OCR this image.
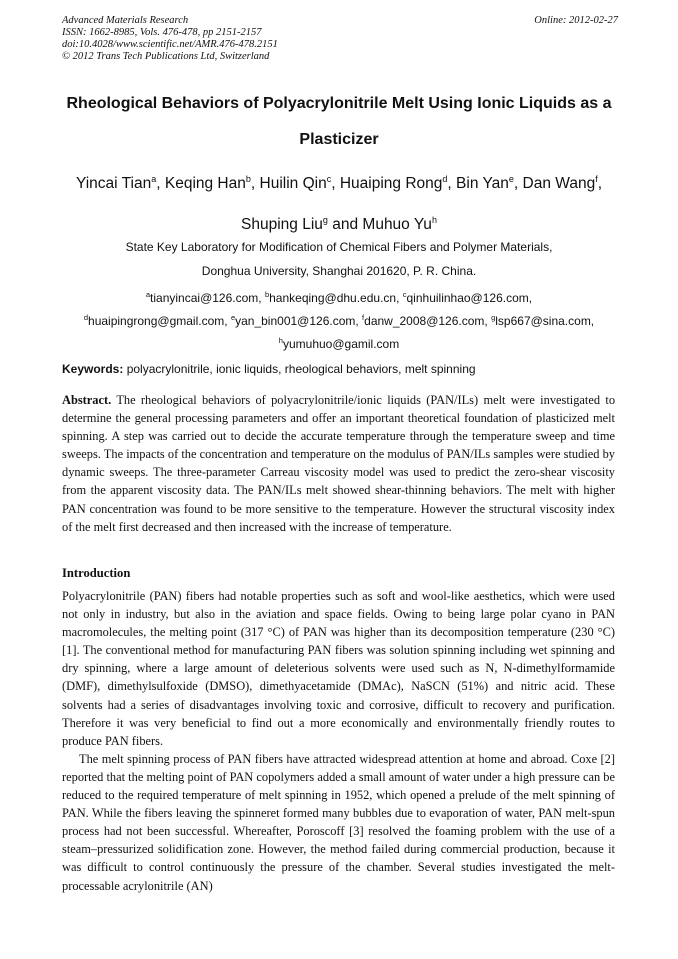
Advanced Materials Research
ISSN: 1662-8985, Vols. 476-478, pp 2151-2157
doi:10.4028/www.scientific.net/AMR.476-478.2151
© 2012 Trans Tech Publications Ltd, Switzerland
Online: 2012-02-27
Rheological Behaviors of Polyacrylonitrile Melt Using Ionic Liquids as a Plasticizer
Yincai Tian$^a$, Keqing Han$^b$, Huilin Qin$^c$, Huaiping Rong$^d$, Bin Yan$^e$, Dan Wang$^f$,
Shuping Liu$^g$ and Muhuo Yu$^h$
State Key Laboratory for Modification of Chemical Fibers and Polymer Materials,
Donghua University, Shanghai 201620, P. R. China.
$^a$tianyincai@126.com, $^b$hankeqing@dhu.edu.cn, $^c$qinhuilinhao@126.com,
$^d$huaipingrong@gmail.com, $^e$yan_bin001@126.com, $^f$danw_2008@126.com, $^g$lsp667@sina.com,
$^h$yumuhuo@gamil.com
Keywords: polyacrylonitrile, ionic liquids, rheological behaviors, melt spinning

Abstract. The rheological behaviors of polyacrylonitrile/ionic liquids (PAN/ILs) melt were investigated to determine the general processing parameters and offer an important theoretical foundation of plasticized melt spinning. A step was carried out to decide the accurate temperature through the temperature sweep and time sweeps. The impacts of the concentration and temperature on the modulus of PAN/ILs samples were studied by dynamic sweeps. The three-parameter Carreau viscosity model was used to predict the zero-shear viscosity from the apparent viscosity data. The PAN/ILs melt showed shear-thinning behaviors. The melt with higher PAN concentration was found to be more sensitive to the temperature. However the structural viscosity index of the melt first decreased and then increased with the increase of temperature.

Introduction

Polyacrylonitrile (PAN) fibers had notable properties such as soft and wool-like aesthetics, which were used not only in industry, but also in the aviation and space fields. Owing to being large polar cyano in PAN macromolecules, the melting point (317 °C) of PAN was higher than its decomposition temperature (230 °C) [1]. The conventional method for manufacturing PAN fibers was solution spinning including wet spinning and dry spinning, where a large amount of deleterious solvents were used such as N, N-dimethylformamide (DMF), dimethylsulfoxide (DMSO), dimethyacetamide (DMAc), NaSCN (51%) and nitric acid. These solvents had a series of disadvantages involving toxic and corrosive, difficult to recovery and purification. Therefore it was very beneficial to find out a more economically and environmentally friendly routes to produce PAN fibers.

The melt spinning process of PAN fibers have attracted widespread attention at home and abroad. Coxe [2] reported that the melting point of PAN copolymers added a small amount of water under a high pressure can be reduced to the required temperature of melt spinning in 1952, which opened a prelude of the melt spinning of PAN. While the fibers leaving the spinneret formed many bubbles due to evaporation of water, PAN melt-spun process had not been successful. Whereafter, Poroscoff [3] resolved the foaming problem with the use of a steam–pressurized solidification zone. However, the method failed during commercial production, because it was difficult to control continuously the pressure of the chamber. Several studies investigated the melt-processable acrylonitrile (AN)
